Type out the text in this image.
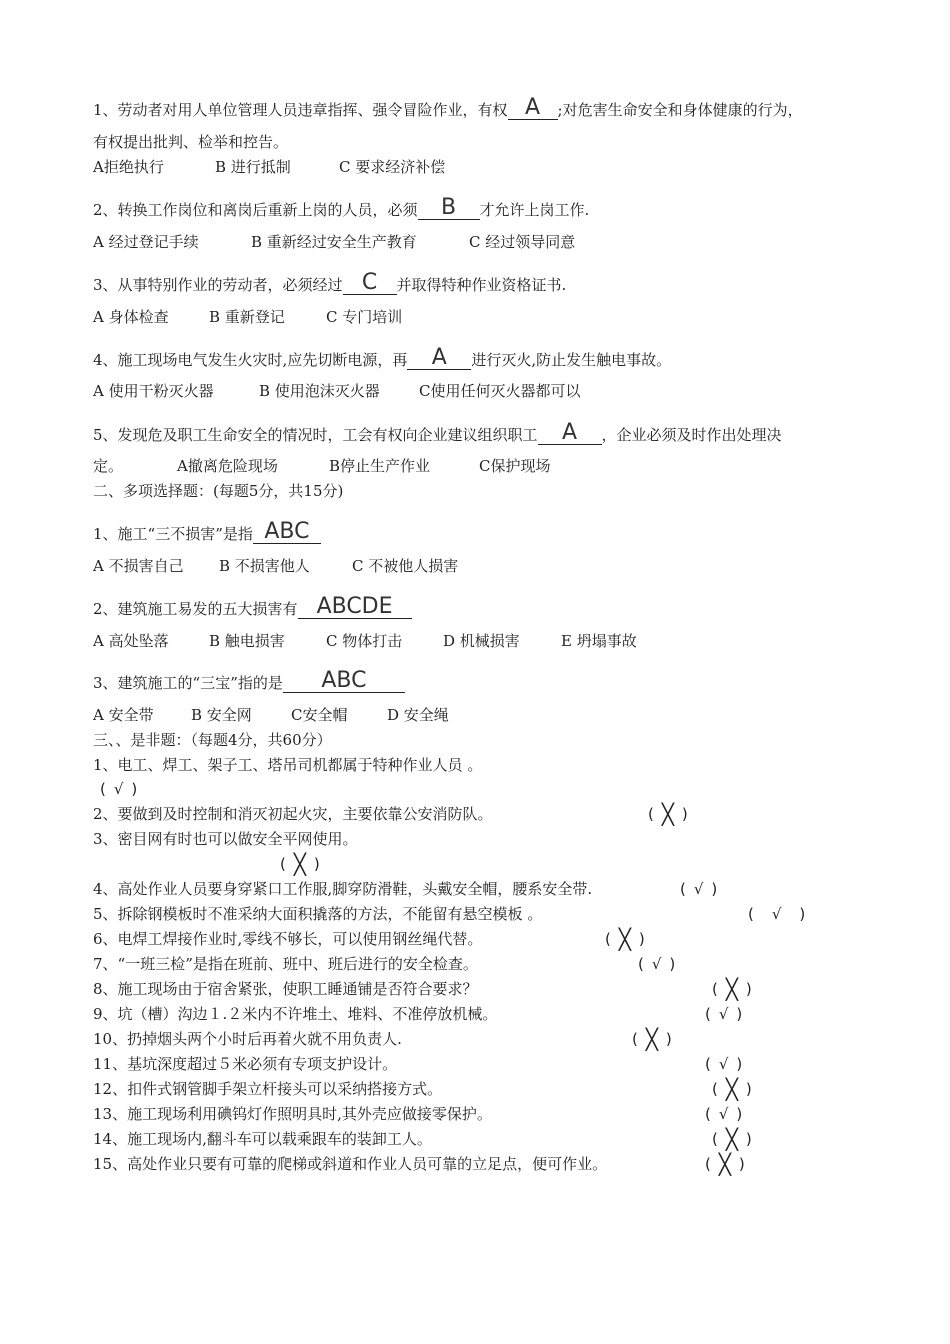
1、劳动者对用人单位管理人员违章指挥、强令冒险作业，有权 A ;对危害生命安全和身体健康的行为，
有权提出批判、检举和控告。
A拒绝执行	B 进行抵制	C 要求经济补偿
2、转换工作岗位和离岗后重新上岗的人员，必须 B 才允许上岗工作.
A 经过登记手续	B 重新经过安全生产教育	C 经过领导同意
3、从事特别作业的劳动者，必须经过 C 并取得特种作业资格证书.
A 身体检查	B 重新登记	C 专门培训
4、施工现场电气发生火灾时,应先切断电源，再 A 进行灭火,防止发生触电事故。
A 使用干粉灭火器	B 使用泡沫灭火器	C使用任何灭火器都可以
5、发现危及职工生命安全的情况时，工会有权向企业建议组织职工 A ，企业必须及时作出处理决
定。	A撤离危险现场	B停止生产作业	C保护现场
二、多项选择题：(每题5分，共15分)
1、施工“三不损害”是指 ABC
A 不损害自己 B 不损害他人	C 不被他人损害
2、建筑施工易发的五大损害有 ABCDE
A 高处坠落	B 触电损害	C 物体打击	D 机械损害	E 坍塌事故
3、建筑施工的“三宝”指的是 ABC
A 安全带 B 安全网	C安全帽	D 安全绳
三、、是非题：（每题4分，共60分）
1、电工、焊工、架子工、塔吊司机都属于特种作业人员 。
( √ )
2、要做到及时控制和消灭初起火灾，主要依靠公安消防队。	( ╳ )
3、密目网有时也可以做安全平网使用。
( ╳ )
4、高处作业人员要身穿紧口工作服,脚穿防滑鞋，头戴安全帽，腰系安全带.	( √ )
5、拆除钢模板时不准采纳大面积撬落的方法，不能留有悬空模板 。	( √ )
6、电焊工焊接作业时,零线不够长，可以使用钢丝绳代替。	( ╳ )
7、“一班三检”是指在班前、班中、班后进行的安全检查。	( √ )
8、施工现场由于宿舍紧张，使职工睡通铺是否符合要求？	( ╳ )
9、坑（槽）沟边１.２米内不许堆土、堆料、不准停放机械。	( √ )
10、扔掉烟头两个小时后再着火就不用负责人.	( ╳ )
11、基坑深度超过５米必须有专项支护设计。	( √ )
12、扣件式钢管脚手架立杆接头可以采纳搭接方式。	( ╳ )
13、施工现场利用碘钨灯作照明具时,其外壳应做接零保护。	( √ )
14、施工现场内,翻斗车可以载乘跟车的装卸工人。	( ╳ )
15、高处作业只要有可靠的爬梯或斜道和作业人员可靠的立足点，便可作业。	( ╳ )
